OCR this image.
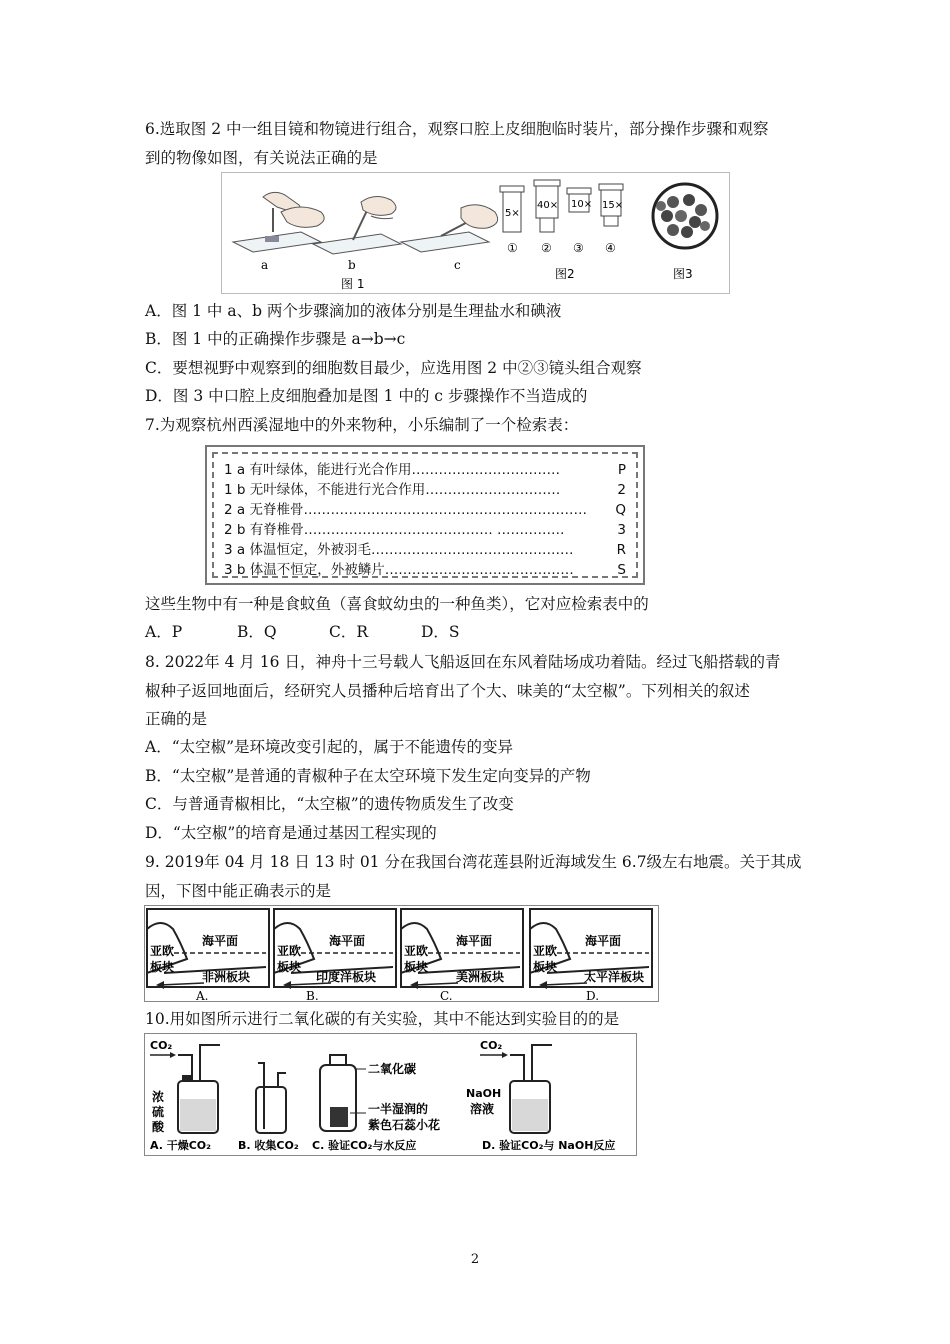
6.选取图 2 中一组目镜和物镜进行组合，观察口腔上皮细胞临时装片，部分操作步骤和观察
到的物像如图，有关说法正确的是
a	b	c
图 1
5×
40× 10× 15×
① ② ③ ④
图2	图3
A．图 1 中 a、b 两个步骤滴加的液体分别是生理盐水和碘液
B．图 1 中的正确操作步骤是 a→b→c
C．要想视野中观察到的细胞数目最少，应选用图 2 中②③镜头组合观察
D．图 3 中口腔上皮细胞叠加是图 1 中的 c 步骤操作不当造成的
7.为观察杭州西溪湿地中的外来物种，小乐编制了一个检索表：
1 a 有叶绿体，能进行光合作用……………………………	P
1 b 无叶绿体，不能进行光合作用…………………………	2
2 a 无脊椎骨……………………………………………………… Q
2 b 有脊椎骨…………………………………… ……………	3
3 a 体温恒定，外被羽毛………………………………………	R
3 b 体温不恒定，外被鳞片……………………………………	S
这些生物中有一种是食蚊鱼（喜食蚊幼虫的一种鱼类），它对应检索表中的
A．P	B．Q	C．R	D．S
8. 2022年 4 月 16 日，神舟十三号载人飞船返回在东风着陆场成功着陆。经过飞船搭载的青
椒种子返回地面后，经研究人员播种后培育出了个大、味美的“太空椒”。下列相关的叙述
正确的是
A．“太空椒”是环境改变引起的，属于不能遗传的变异
B．“太空椒”是普通的青椒种子在太空环境下发生定向变异的产物
C．与普通青椒相比，“太空椒”的遗传物质发生了改变
D．“太空椒”的培育是通过基因工程实现的
9. 2019年 04 月 18 日 13 时 01 分在我国台湾花莲县附近海域发生 6.7级左右地震。关于其成
因，下图中能正确表示的是
海平面
亚欧
板块
非洲板块
A.
海平面
亚欧
板块
印度洋板块
B.
海平面
亚欧
板块
美洲板块
C.
海平面
亚欧
板块
太平洋板块
D.
10.用如图所示进行二氧化碳的有关实验，其中不能达到实验目的的是
CO₂
浓
硫
酸
A. 干燥CO₂ B. 收集CO₂
二氧化碳
一半湿润的
紫色石蕊小花
C. 验证CO₂与水反应
CO₂
NaOH
溶液
D. 验证CO₂与 NaOH反应
2
